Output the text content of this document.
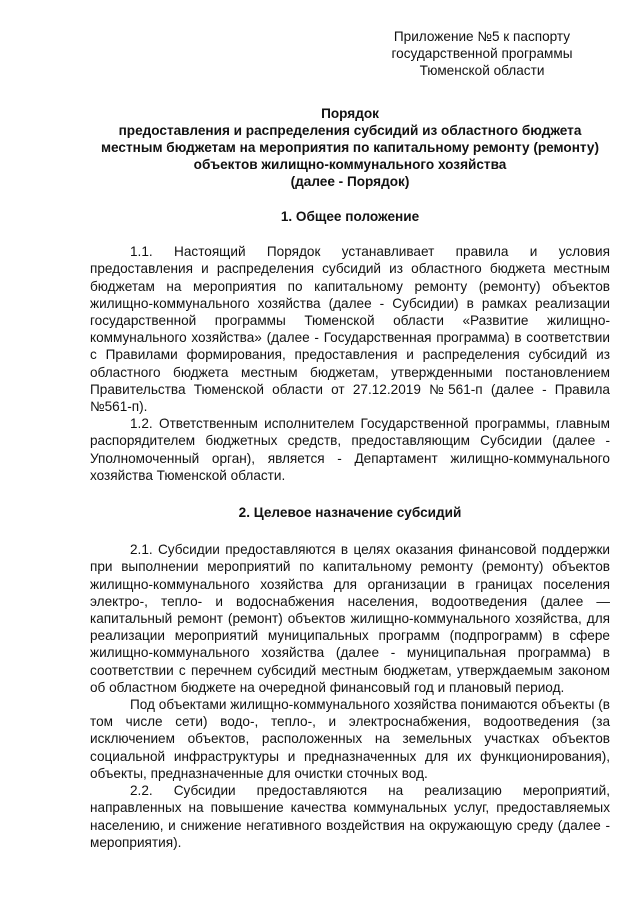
Приложение №5 к паспорту
государственной программы
Тюменской области
Порядок
предоставления и распределения субсидий из областного бюджета
местным бюджетам на мероприятия по капитальному ремонту (ремонту)
объектов жилищно-коммунального хозяйства
(далее - Порядок)
1. Общее положение

1.1. Настоящий Порядок устанавливает правила и условия предоставления и распределения субсидий из областного бюджета местным бюджетам на мероприятия по капитальному ремонту (ремонту) объектов жилищно-коммунального хозяйства (далее - Субсидии) в рамках реализации государственной программы Тюменской области «Развитие жилищно-коммунального хозяйства» (далее - Государственная программа) в соответствии с Правилами формирования, предоставления и распределения субсидий из областного бюджета местным бюджетам, утвержденными постановлением Правительства Тюменской области от 27.12.2019 №561-п (далее - Правила №561-п).

1.2. Ответственным исполнителем Государственной программы, главным распорядителем бюджетных средств, предоставляющим Субсидии (далее - Уполномоченный орган), является - Департамент жилищно-коммунального хозяйства Тюменской области.

2. Целевое назначение субсидий

2.1. Субсидии предоставляются в целях оказания финансовой поддержки при выполнении мероприятий по капитальному ремонту (ремонту) объектов жилищно-коммунального хозяйства для организации в границах поселения электро-, тепло- и водоснабжения населения, водоотведения (далее — капитальный ремонт (ремонт) объектов жилищно-коммунального хозяйства, для реализации мероприятий муниципальных программ (подпрограмм) в сфере жилищно-коммунального хозяйства (далее - муниципальная программа) в соответствии с перечнем субсидий местным бюджетам, утверждаемым законом об областном бюджете на очередной финансовый год и плановый период.

Под объектами жилищно-коммунального хозяйства понимаются объекты (в том числе сети) водо-, тепло-, и электроснабжения, водоотведения (за исключением объектов, расположенных на земельных участках объектов социальной инфраструктуры и предназначенных для их функционирования), объекты, предназначенные для очистки сточных вод.

2.2. Субсидии предоставляются на реализацию мероприятий, направленных на повышение качества коммунальных услуг, предоставляемых населению, и снижение негативного воздействия на окружающую среду (далее - мероприятия).
